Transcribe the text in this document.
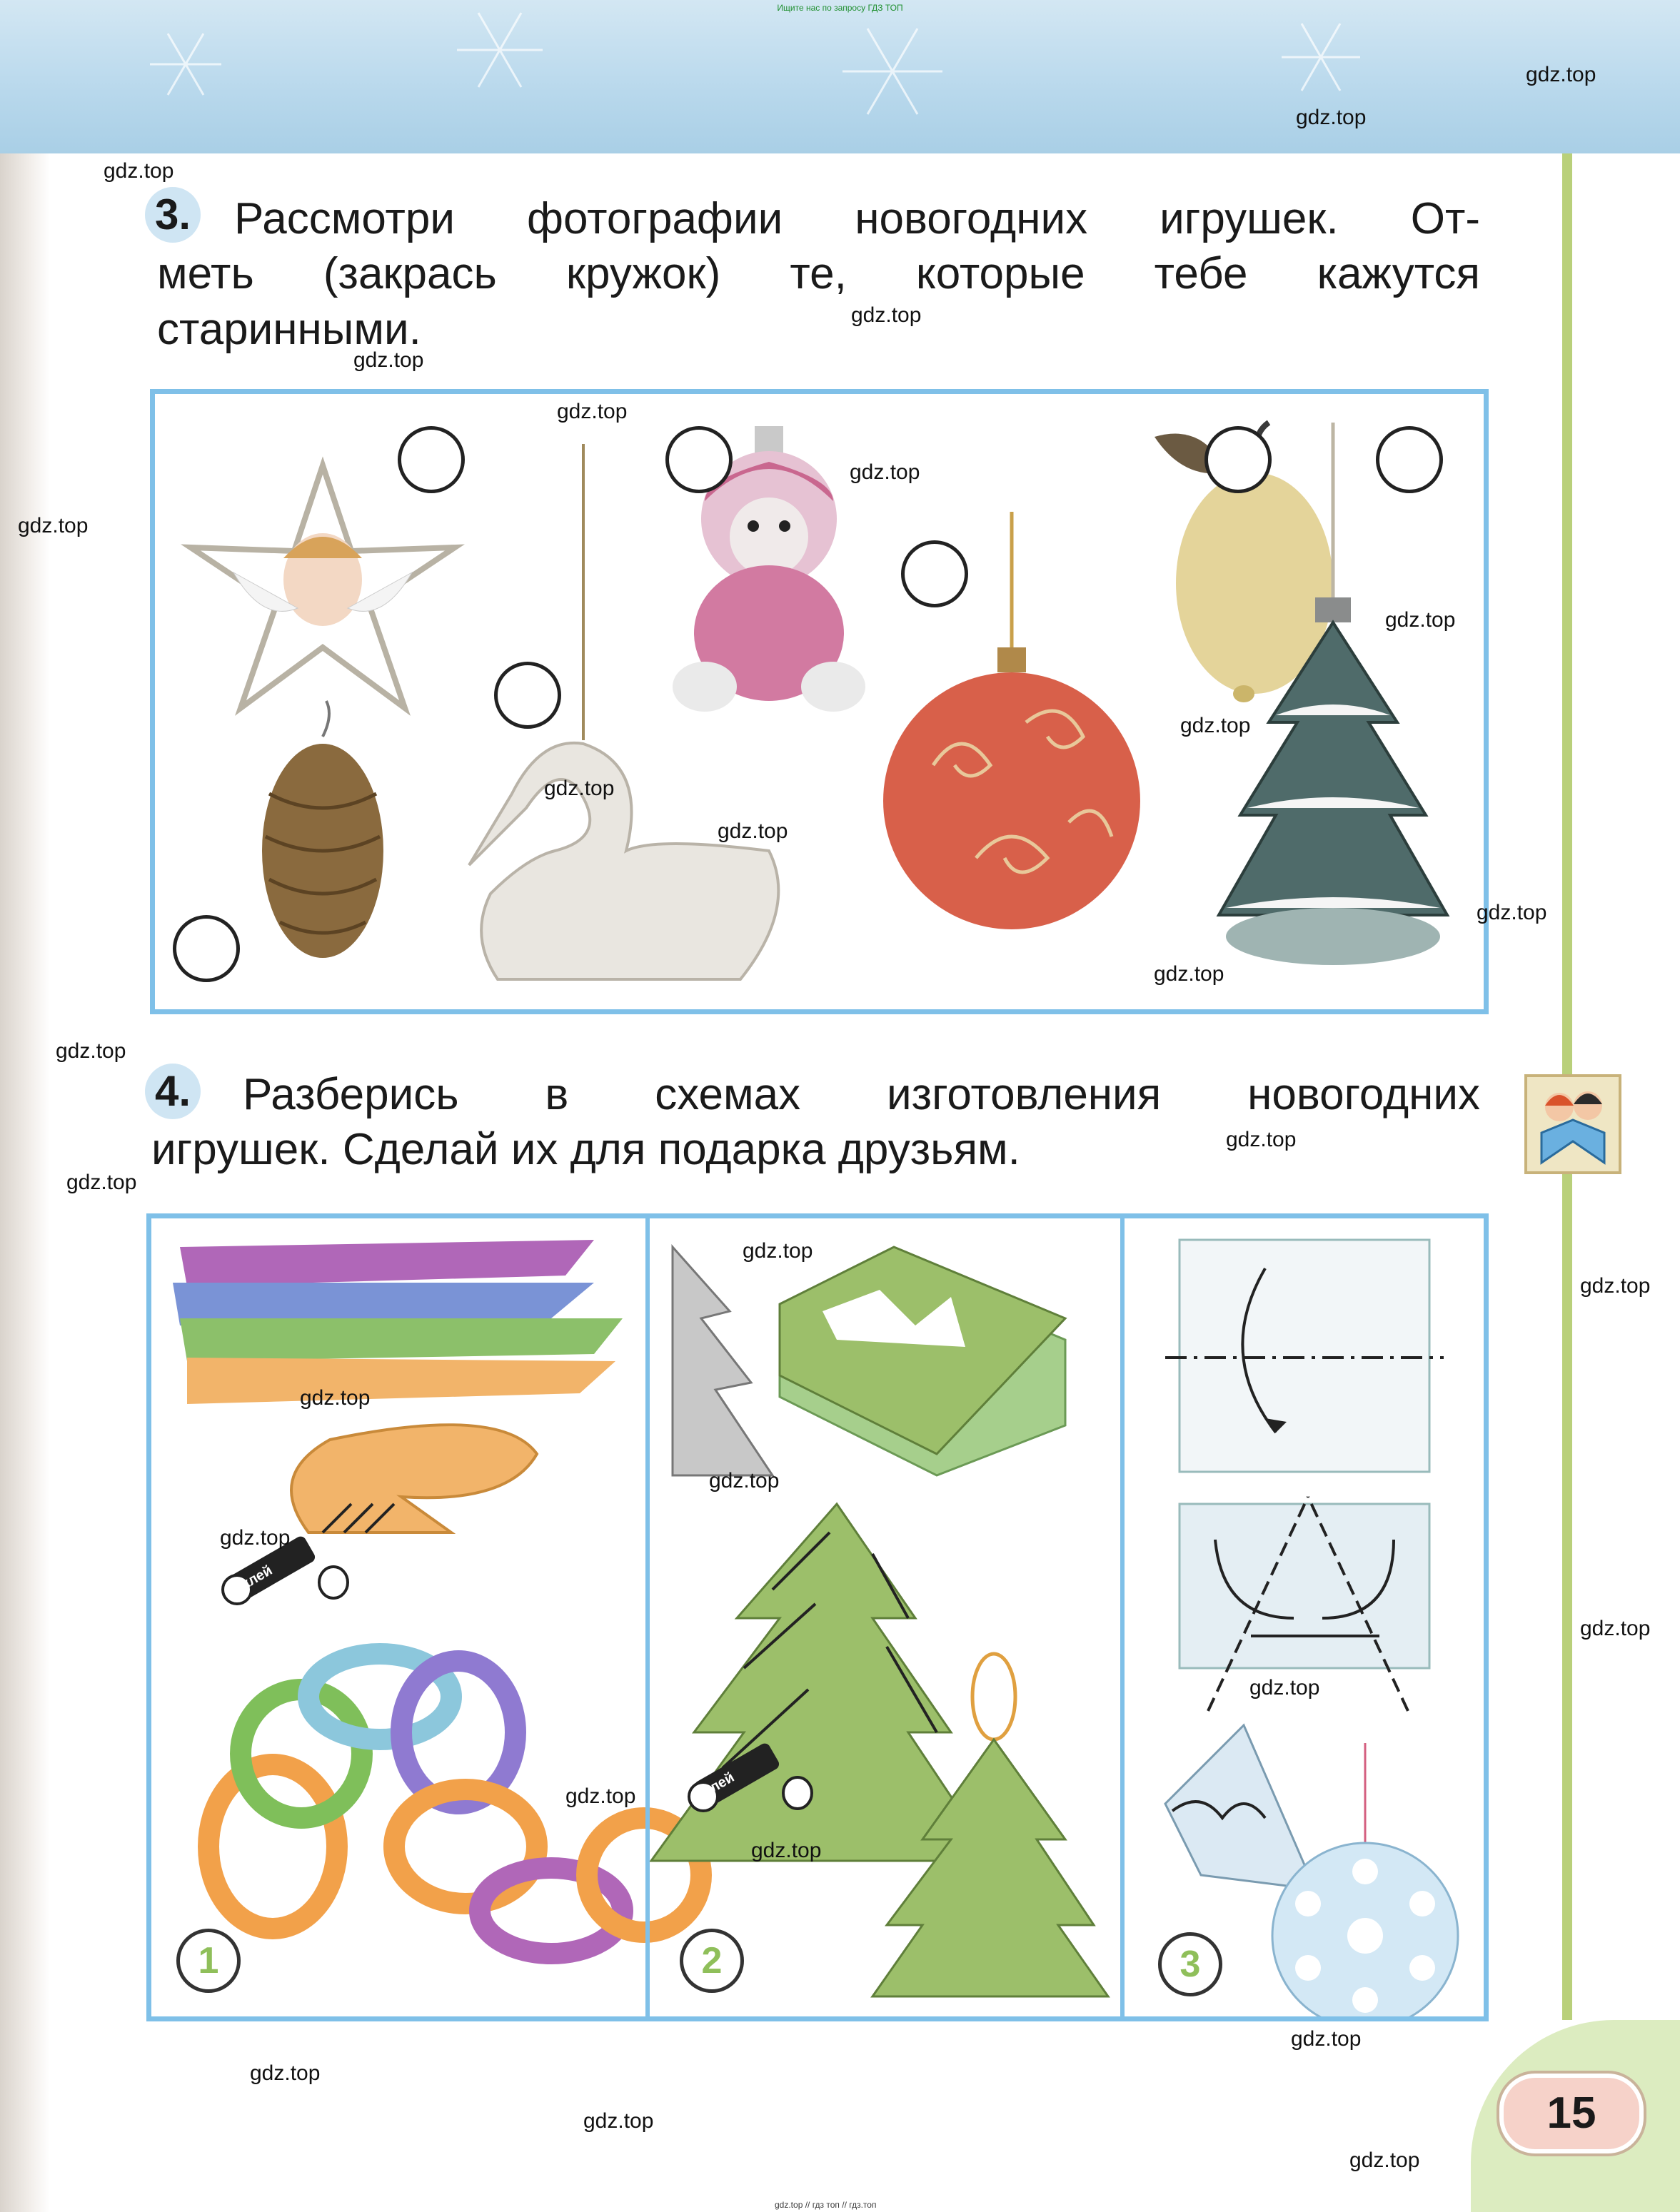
Ищите нас по запросу ГДЗ ТОП
3. Рассмотри фотографии новогодних игрушек. От-
меть (закрась кружок) те, которые тебе кажутся
старинными.
4. Разберись в схемах изготовления новогодних
игрушек. Сделай их для подарка друзьям.
1	2	3
клей
клей
15
gdz.top
gdz.top
gdz.top
gdz.top
gdz.top
gdz.top
gdz.top
gdz.top
gdz.top
gdz.top
gdz.top
gdz.top
gdz.top
gdz.top
gdz.top
gdz.top
gdz.top
gdz.top
gdz.top
gdz.top
gdz.top
gdz.top
gdz.top
gdz.top
gdz.top
gdz.top
gdz.top
gdz.top
gdz.top
gdz.top
gdz.top // гдз топ // гдз.топ
